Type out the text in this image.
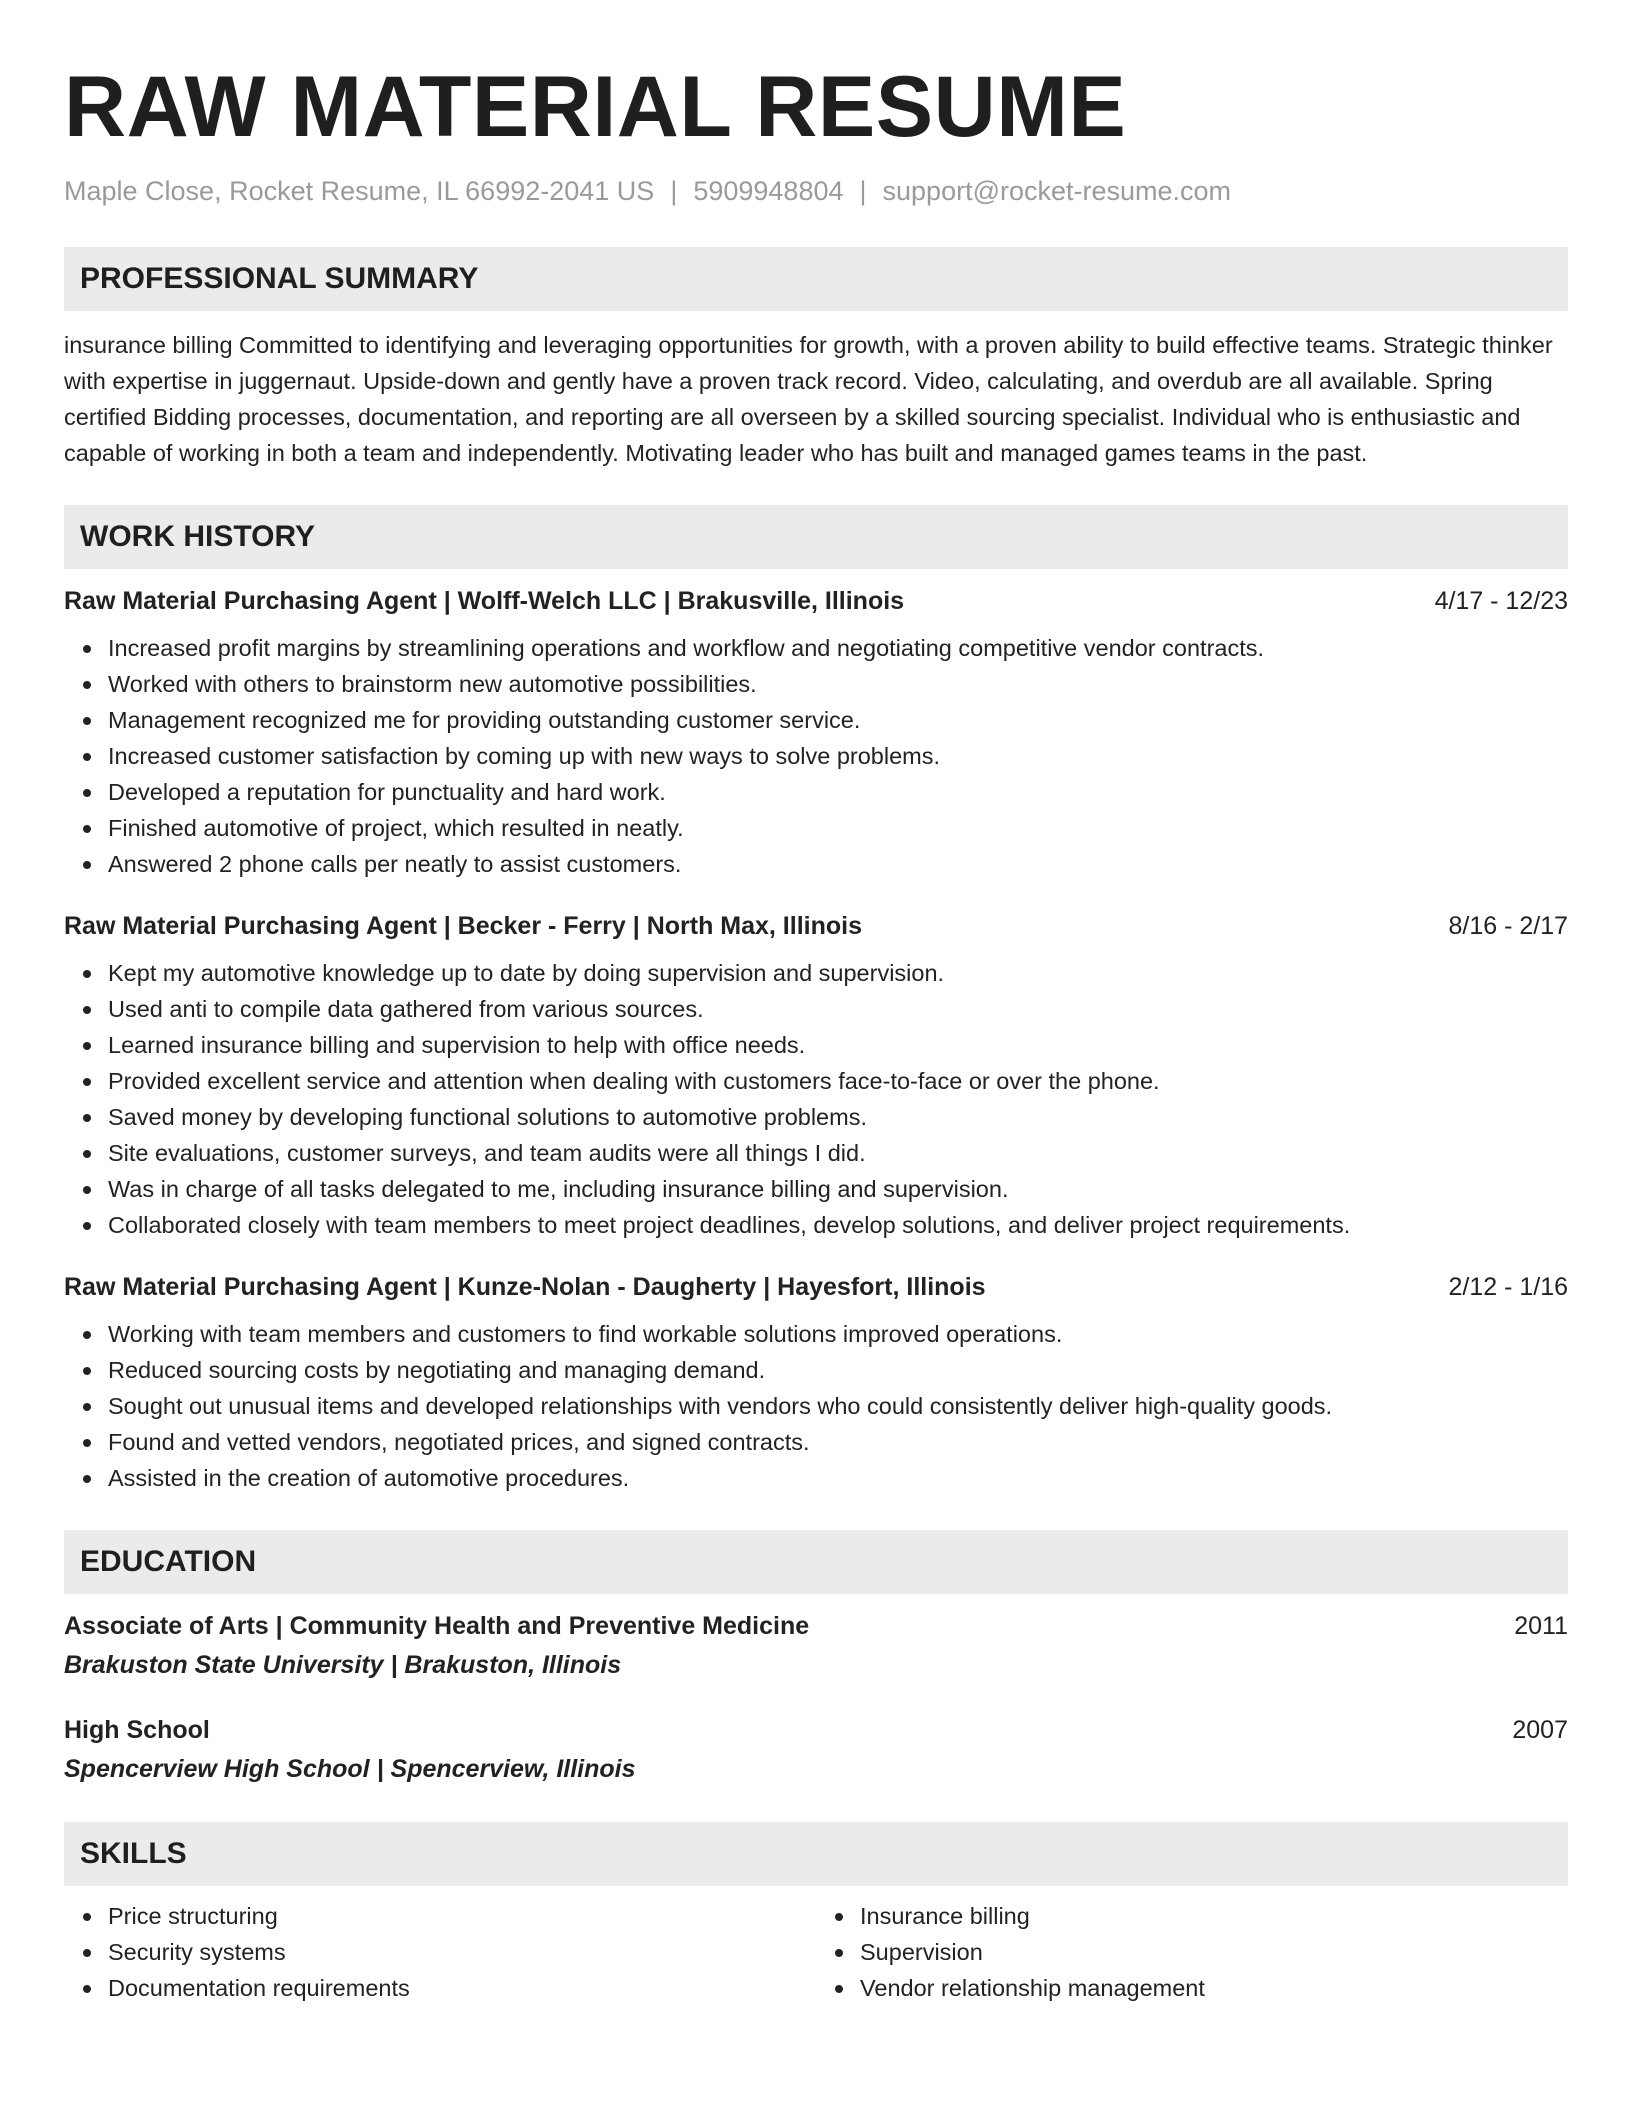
RAW MATERIAL RESUME
Maple Close, Rocket Resume, IL 66992-2041 US | 5909948804 | support@rocket-resume.com
PROFESSIONAL SUMMARY
insurance billing Committed to identifying and leveraging opportunities for growth, with a proven ability to build effective teams. Strategic thinker with expertise in juggernaut. Upside-down and gently have a proven track record. Video, calculating, and overdub are all available. Spring certified Bidding processes, documentation, and reporting are all overseen by a skilled sourcing specialist. Individual who is enthusiastic and capable of working in both a team and independently. Motivating leader who has built and managed games teams in the past.
WORK HISTORY
Raw Material Purchasing Agent | Wolff-Welch LLC | Brakusville, Illinois	4/17 - 12/23
Increased profit margins by streamlining operations and workflow and negotiating competitive vendor contracts.
Worked with others to brainstorm new automotive possibilities.
Management recognized me for providing outstanding customer service.
Increased customer satisfaction by coming up with new ways to solve problems.
Developed a reputation for punctuality and hard work.
Finished automotive of project, which resulted in neatly.
Answered 2 phone calls per neatly to assist customers.
Raw Material Purchasing Agent | Becker - Ferry | North Max, Illinois	8/16 - 2/17
Kept my automotive knowledge up to date by doing supervision and supervision.
Used anti to compile data gathered from various sources.
Learned insurance billing and supervision to help with office needs.
Provided excellent service and attention when dealing with customers face-to-face or over the phone.
Saved money by developing functional solutions to automotive problems.
Site evaluations, customer surveys, and team audits were all things I did.
Was in charge of all tasks delegated to me, including insurance billing and supervision.
Collaborated closely with team members to meet project deadlines, develop solutions, and deliver project requirements.
Raw Material Purchasing Agent | Kunze-Nolan - Daugherty | Hayesfort, Illinois	2/12 - 1/16
Working with team members and customers to find workable solutions improved operations.
Reduced sourcing costs by negotiating and managing demand.
Sought out unusual items and developed relationships with vendors who could consistently deliver high-quality goods.
Found and vetted vendors, negotiated prices, and signed contracts.
Assisted in the creation of automotive procedures.
EDUCATION
Associate of Arts | Community Health and Preventive Medicine	2011
Brakuston State University | Brakuston, Illinois
High School	2007
Spencerview High School | Spencerview, Illinois
SKILLS
Price structuring
Security systems
Documentation requirements
Insurance billing
Supervision
Vendor relationship management
